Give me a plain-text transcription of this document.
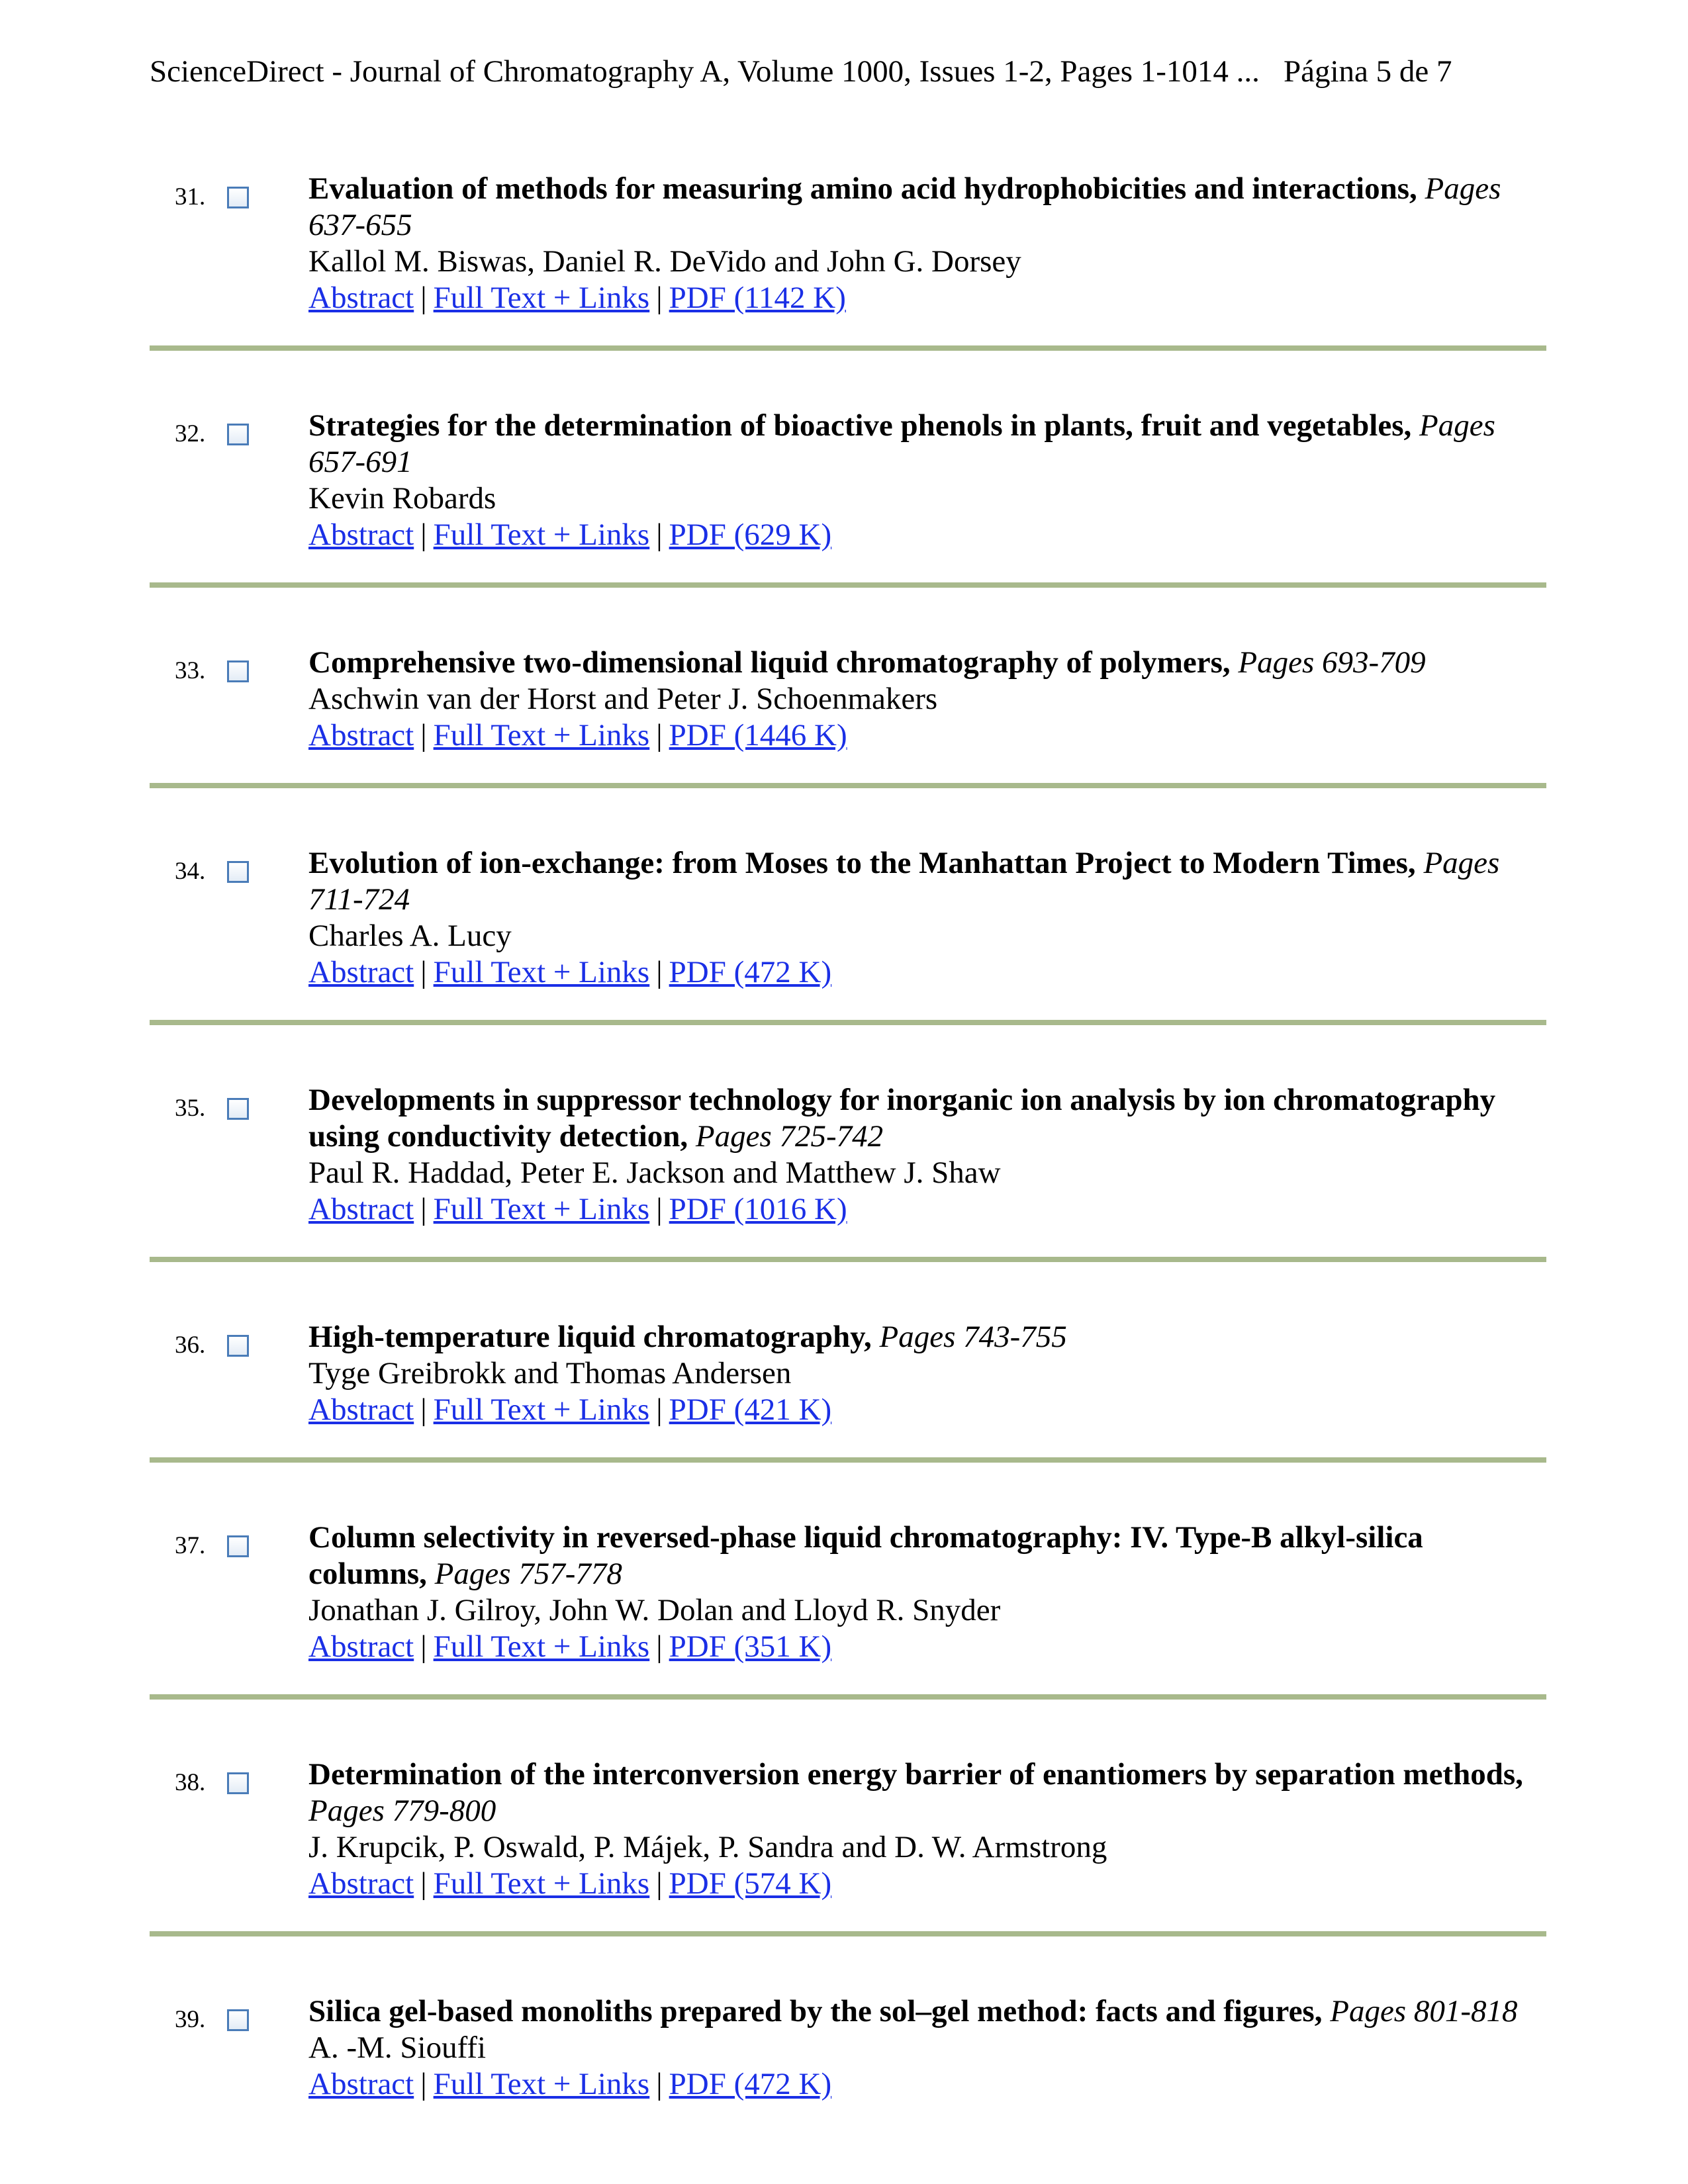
ScienceDirect - Journal of Chromatography A, Volume 1000, Issues 1-2, Pages 1-1014 ... Página 5 de 7
31.	Evaluation of methods for measuring amino acid hydrophobicities and interactions, Pages 637-655
Kallol M. Biswas, Daniel R. DeVido and John G. Dorsey
Abstract | Full Text + Links | PDF (1142 K)
32.	Strategies for the determination of bioactive phenols in plants, fruit and vegetables, Pages 657-691
Kevin Robards
Abstract | Full Text + Links | PDF (629 K)
33.	Comprehensive two-dimensional liquid chromatography of polymers, Pages 693-709
Aschwin van der Horst and Peter J. Schoenmakers
Abstract | Full Text + Links | PDF (1446 K)
34.	Evolution of ion-exchange: from Moses to the Manhattan Project to Modern Times, Pages 711-724
Charles A. Lucy
Abstract | Full Text + Links | PDF (472 K)
35.	Developments in suppressor technology for inorganic ion analysis by ion chromatography using conductivity detection, Pages 725-742
Paul R. Haddad, Peter E. Jackson and Matthew J. Shaw
Abstract | Full Text + Links | PDF (1016 K)
36.	High-temperature liquid chromatography, Pages 743-755
Tyge Greibrokk and Thomas Andersen
Abstract | Full Text + Links | PDF (421 K)
37.	Column selectivity in reversed-phase liquid chromatography: IV. Type-B alkyl-silica columns, Pages 757-778
Jonathan J. Gilroy, John W. Dolan and Lloyd R. Snyder
Abstract | Full Text + Links | PDF (351 K)
38.	Determination of the interconversion energy barrier of enantiomers by separation methods, Pages 779-800
J. Krupcik, P. Oswald, P. Májek, P. Sandra and D. W. Armstrong
Abstract | Full Text + Links | PDF (574 K)
39.	Silica gel-based monoliths prepared by the sol–gel method: facts and figures, Pages 801-818
A. -M. Siouffi
Abstract | Full Text + Links | PDF (472 K)
